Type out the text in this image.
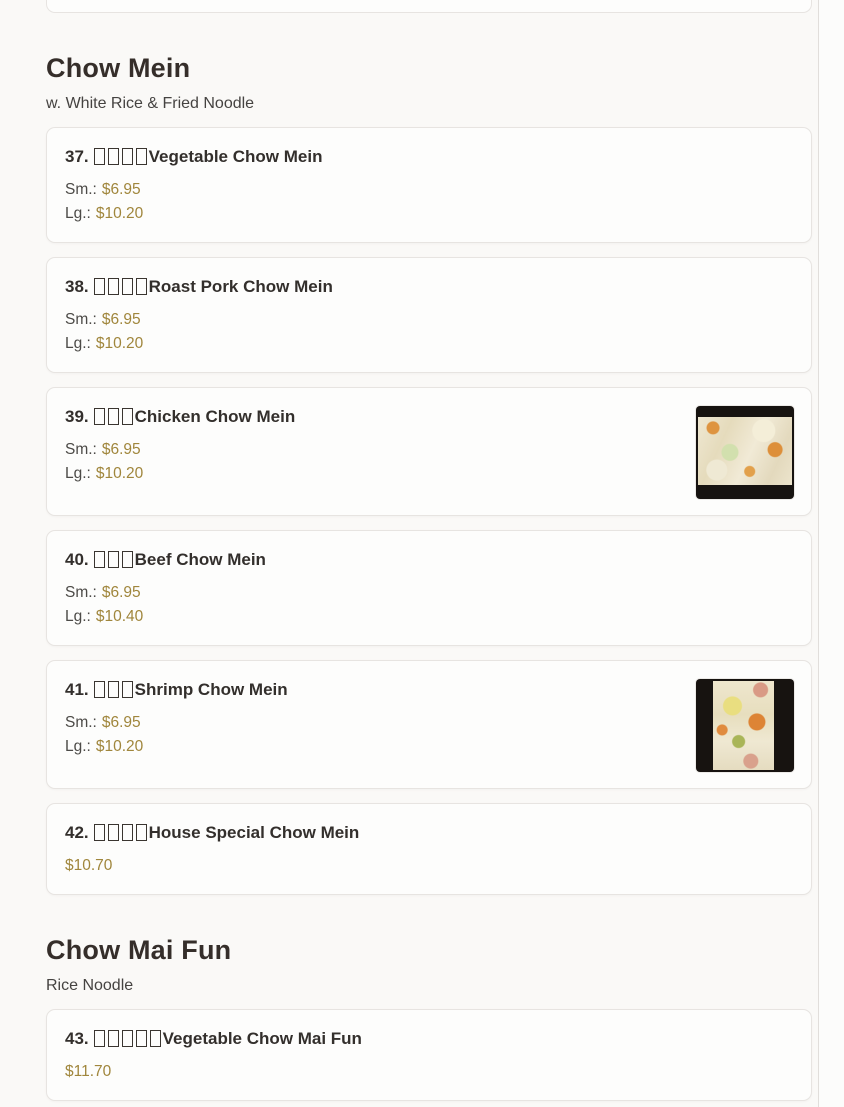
Chow Mein
w. White Rice & Fried Noodle
37.	Vegetable Chow Mein
Sm.: $6.95
Lg.: $10.20
38.	Roast Pork Chow Mein
Sm.: $6.95
Lg.: $10.20
39.	Chicken Chow Mein
Sm.: $6.95
Lg.: $10.20
40.	Beef Chow Mein
Sm.: $6.95
Lg.: $10.40
41.	Shrimp Chow Mein
Sm.: $6.95
Lg.: $10.20
42.	House Special Chow Mein
$10.70
Chow Mai Fun
Rice Noodle
43.	Vegetable Chow Mai Fun
$11.70
